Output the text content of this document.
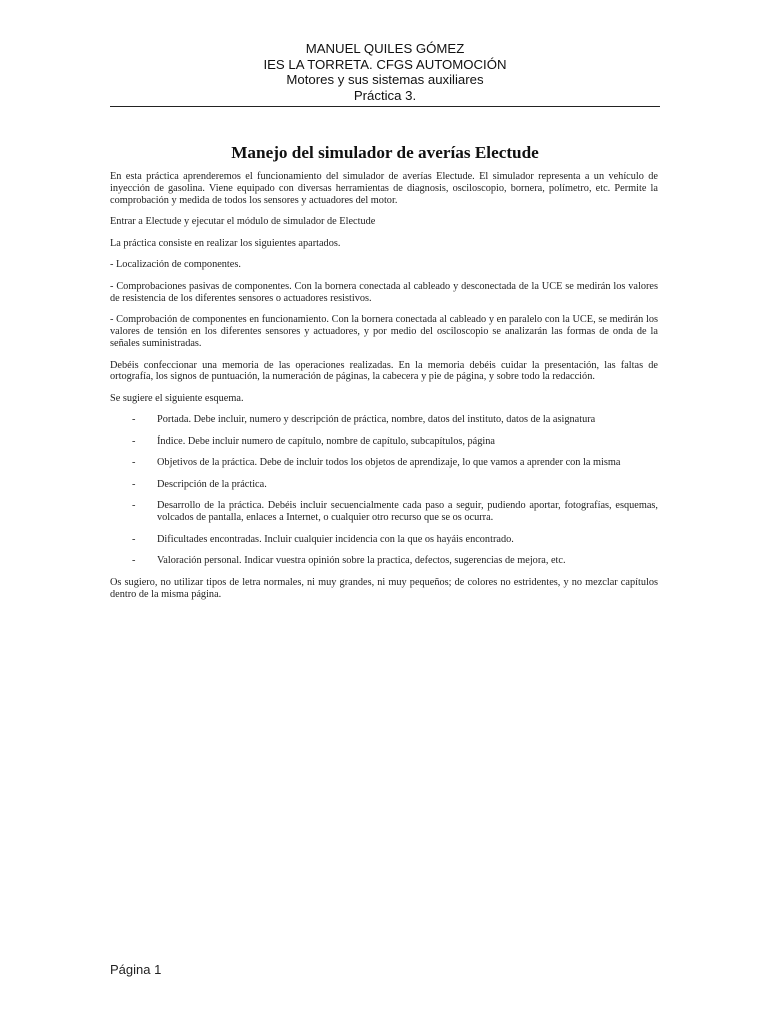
MANUEL QUILES GÓMEZ
IES LA TORRETA. CFGS AUTOMOCIÓN
Motores y sus sistemas auxiliares
Práctica 3.
Manejo del simulador de averías Electude

En esta práctica aprenderemos el funcionamiento del simulador de averías Electude. El simulador representa a un vehículo de inyección de gasolina. Viene equipado con diversas herramientas de diagnosis, osciloscopio, bornera, polímetro, etc. Permite la comprobación y medida de todos los sensores y actuadores del motor.

Entrar a Electude y ejecutar el módulo de simulador de Electude

La práctica consiste en realizar los siguientes apartados.

- Localización de componentes.

- Comprobaciones pasivas de componentes. Con la bornera conectada al cableado y desconectada de la UCE se medirán los valores de resistencia de los diferentes sensores o actuadores resistivos.

- Comprobación de componentes en funcionamiento. Con la bornera conectada al cableado y en paralelo con la UCE, se medirán los valores de tensión en los diferentes sensores y actuadores, y por medio del osciloscopio se analizarán las formas de onda de la señales suministradas.

Debéis confeccionar una memoria de las operaciones realizadas. En la memoria debéis cuidar la presentación, las faltas de ortografía, los signos de puntuación, la numeración de páginas, la cabecera y pie de página, y sobre todo la redacción.

Se sugiere el siguiente esquema.

- Portada. Debe incluir, numero y descripción de práctica, nombre, datos del instituto, datos de la asignatura
- Índice. Debe incluir numero de capítulo, nombre de capítulo, subcapítulos, página
- Objetivos de la práctica. Debe de incluir todos los objetos de aprendizaje, lo que vamos a aprender con la misma
- Descripción de la práctica.
- Desarrollo de la práctica. Debéis incluir secuencialmente cada paso a seguir, pudiendo aportar, fotografías, esquemas, volcados de pantalla, enlaces a Internet, o cualquier otro recurso que se os ocurra.
- Dificultades encontradas. Incluir cualquier incidencia con la que os hayáis encontrado.
- Valoración personal. Indicar vuestra opinión sobre la practica, defectos, sugerencias de mejora, etc.

Os sugiero, no utilizar tipos de letra normales, ni muy grandes, ni muy pequeños; de colores no estridentes, y no mezclar capítulos dentro de la misma página.

Página 1
